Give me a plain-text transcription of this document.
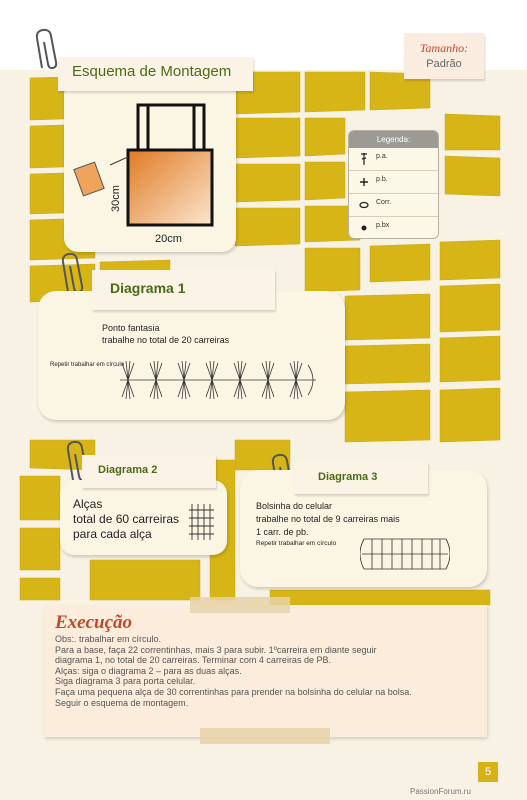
Tamanho:
Padrão
Esquema de Montagem
30cm
20cm
Legenda:
p.a.
p.b.
Corr.
p.bx
Diagrama 1
Ponto fantasia
trabalhe no total de 20 carreiras
Repetir trabalhar em círculo
Diagrama 2
Alças
total de 60 carreiras
para cada alça
Diagrama 3
Bolsinha do celular
trabalhe no total de 9 carreiras mais
1 carr. de pb.
Repetir trabalhar em círculo
Execução
Obs:. trabalhar em círculo.
Para a base, faça 22 correntinhas, mais 3 para subir. 1ºcarreira em diante seguir
diagrama 1, no total de 20 carreiras. Terminar com 4 carreiras de PB.
Alças: siga o diagrama 2 – para as duas alças.
Siga diagrama 3 para porta celular.
Faça uma pequena alça de 30 correntinhas para prender na bolsinha do celular na bolsa.
Seguir o esquema de montagem.
5
PassionForum.ru
